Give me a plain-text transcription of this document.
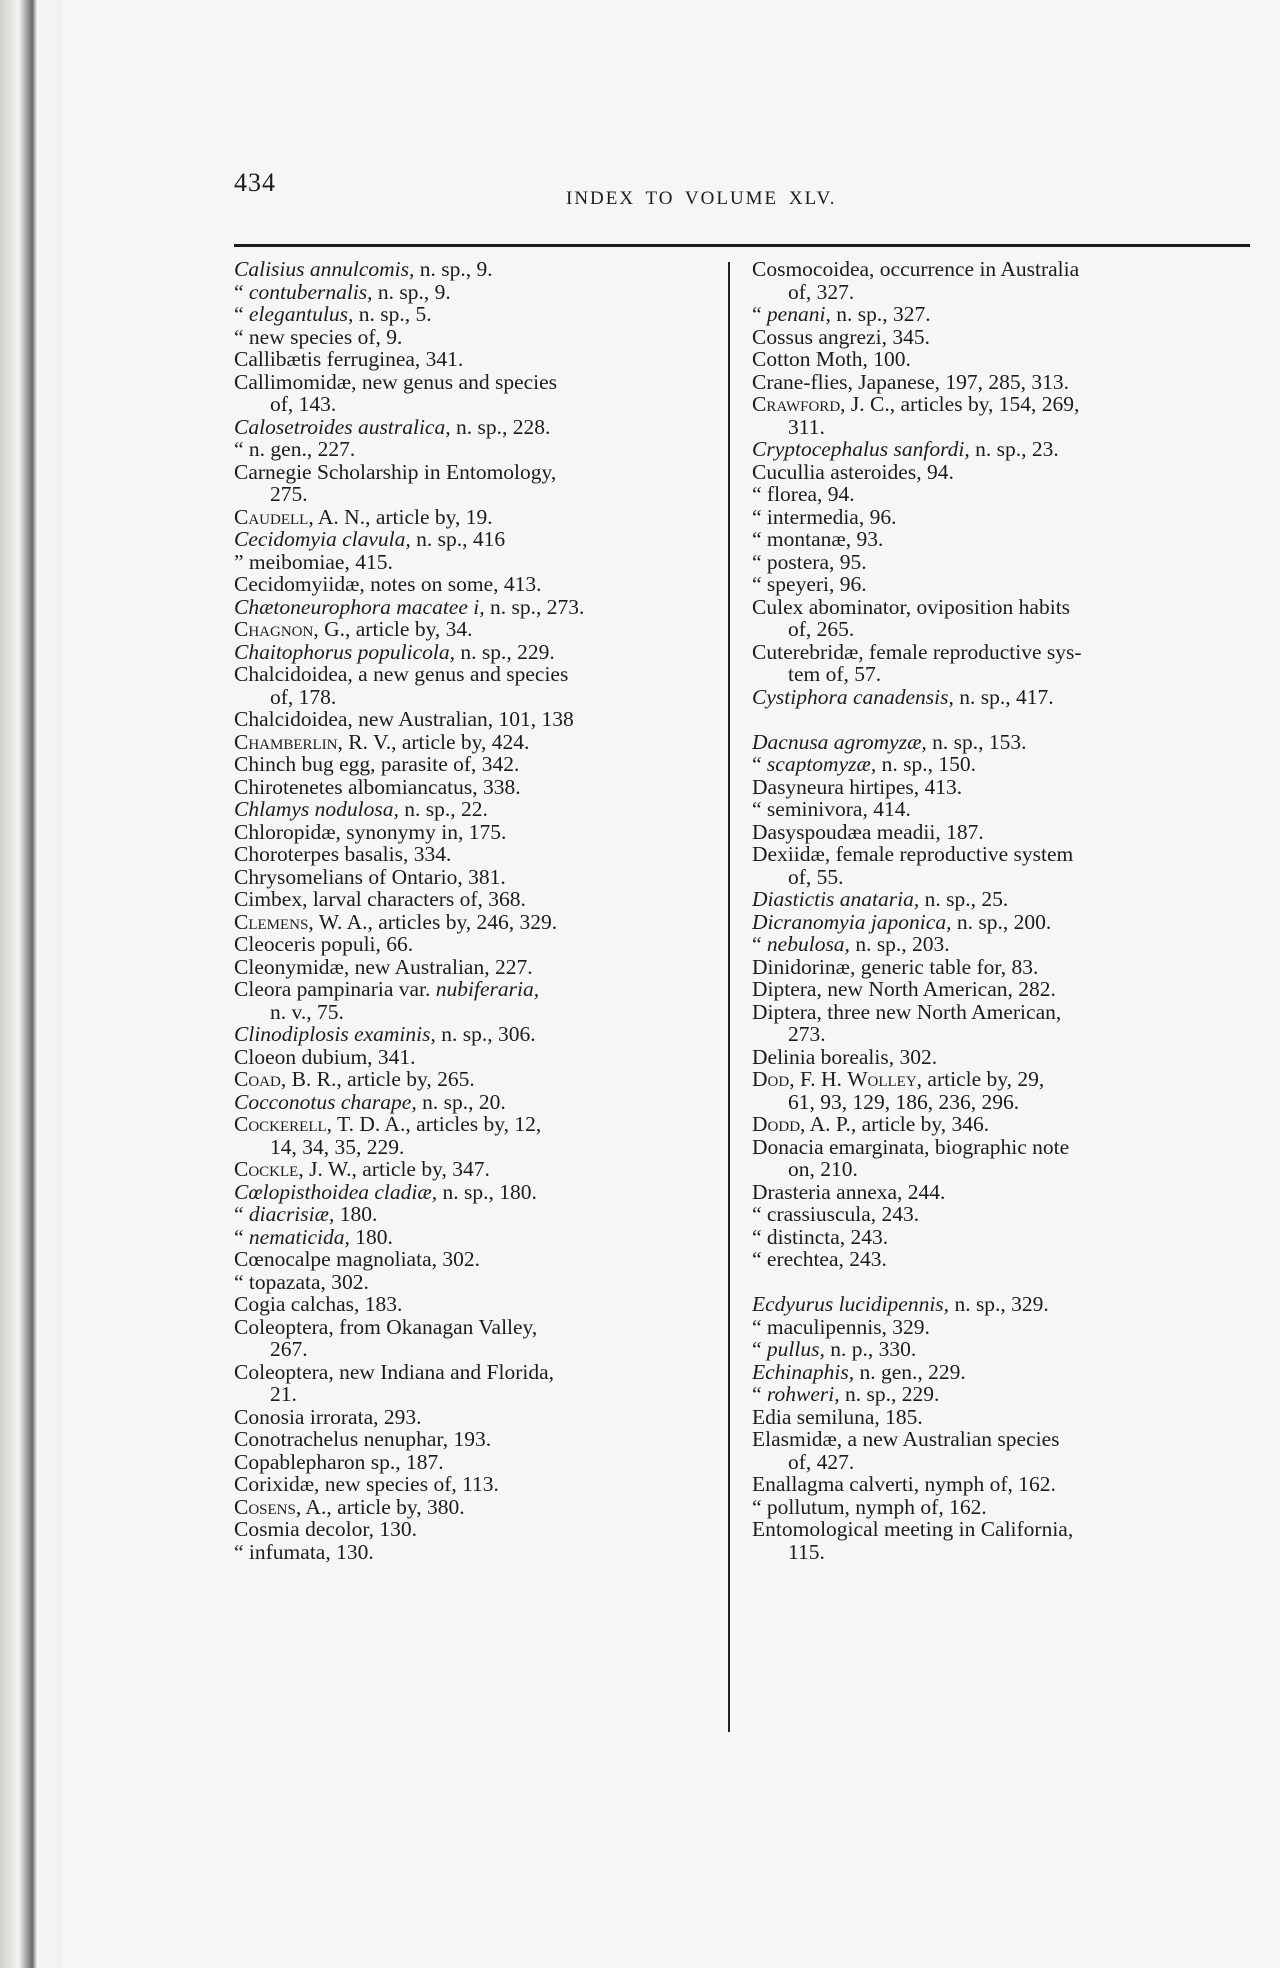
434
INDEX TO VOLUME XLV.
Calisius annulcomis, n. sp., 9.
“ contubernalis, n. sp., 9.
“ elegantulus, n. sp., 5.
“ new species of, 9.
Callibætis ferruginea, 341.
Callimomidæ, new genus and species
of, 143.
Calosetroides australica, n. sp., 228.
“ n. gen., 227.
Carnegie Scholarship in Entomology,
275.
Caudell, A. N., article by, 19.
Cecidomyia clavula, n. sp., 416
” meibomiae, 415.
Cecidomyiidæ, notes on some, 413.
Chætoneurophora macatee i, n. sp., 273.
Chagnon, G., article by, 34.
Chaitophorus populicola, n. sp., 229.
Chalcidoidea, a new genus and species
of, 178.
Chalcidoidea, new Australian, 101, 138
Chamberlin, R. V., article by, 424.
Chinch bug egg, parasite of, 342.
Chirotenetes albomiancatus, 338.
Chlamys nodulosa, n. sp., 22.
Chloropidæ, synonymy in, 175.
Choroterpes basalis, 334.
Chrysomelians of Ontario, 381.
Cimbex, larval characters of, 368.
Clemens, W. A., articles by, 246, 329.
Cleoceris populi, 66.
Cleonymidæ, new Australian, 227.
Cleora pampinaria var. nubiferaria,
n. v., 75.
Clinodiplosis examinis, n. sp., 306.
Cloeon dubium, 341.
Coad, B. R., article by, 265.
Cocconotus charape, n. sp., 20.
Cockerell, T. D. A., articles by, 12,
14, 34, 35, 229.
Cockle, J. W., article by, 347.
Cœlopisthoidea cladiæ, n. sp., 180.
“ diacrisiæ, 180.
“ nematicida, 180.
Cœnocalpe magnoliata, 302.
“ topazata, 302.
Cogia calchas, 183.
Coleoptera, from Okanagan Valley,
267.
Coleoptera, new Indiana and Florida,
21.
Conosia irrorata, 293.
Conotrachelus nenuphar, 193.
Copablepharon sp., 187.
Corixidæ, new species of, 113.
Cosens, A., article by, 380.
Cosmia decolor, 130.
“ infumata, 130.
Cosmocoidea, occurrence in Australia
of, 327.
“ penani, n. sp., 327.
Cossus angrezi, 345.
Cotton Moth, 100.
Crane-flies, Japanese, 197, 285, 313.
Crawford, J. C., articles by, 154, 269,
311.
Cryptocephalus sanfordi, n. sp., 23.
Cucullia asteroides, 94.
“ florea, 94.
“ intermedia, 96.
“ montanæ, 93.
“ postera, 95.
“ speyeri, 96.
Culex abominator, oviposition habits
of, 265.
Cuterebridæ, female reproductive sys-
tem of, 57.
Cystiphora canadensis, n. sp., 417.
Dacnusa agromyzæ, n. sp., 153.
“ scaptomyzæ, n. sp., 150.
Dasyneura hirtipes, 413.
“ seminivora, 414.
Dasyspoudæa meadii, 187.
Dexiidæ, female reproductive system
of, 55.
Diastictis anataria, n. sp., 25.
Dicranomyia japonica, n. sp., 200.
“ nebulosa, n. sp., 203.
Dinidorinæ, generic table for, 83.
Diptera, new North American, 282.
Diptera, three new North American,
273.
Delinia borealis, 302.
Dod, F. H. Wolley, article by, 29,
61, 93, 129, 186, 236, 296.
Dodd, A. P., article by, 346.
Donacia emarginata, biographic note
on, 210.
Drasteria annexa, 244.
“ crassiuscula, 243.
“ distincta, 243.
“ erechtea, 243.
Ecdyurus lucidipennis, n. sp., 329.
“ maculipennis, 329.
“ pullus, n. p., 330.
Echinaphis, n. gen., 229.
“ rohweri, n. sp., 229.
Edia semiluna, 185.
Elasmidæ, a new Australian species
of, 427.
Enallagma calverti, nymph of, 162.
“ pollutum, nymph of, 162.
Entomological meeting in California,
115.
